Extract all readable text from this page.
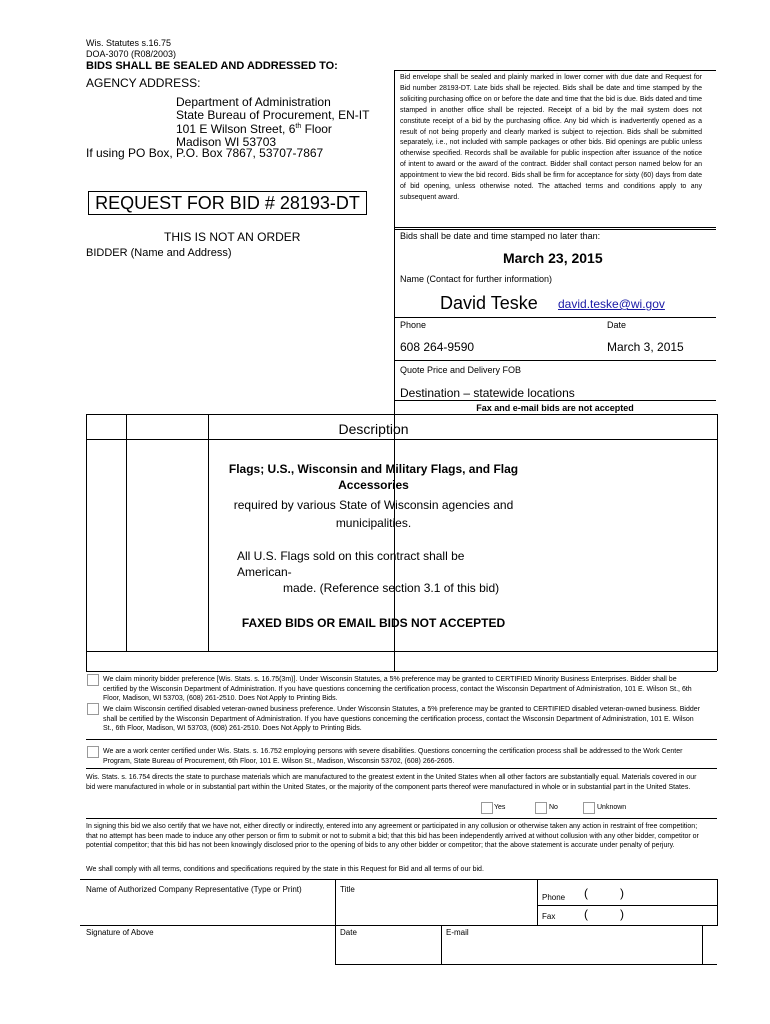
Wis. Statutes s.16.75
DOA-3070 (R08/2003)
BIDS SHALL BE SEALED AND ADDRESSED TO:
AGENCY ADDRESS:
Department of Administration
State Bureau of Procurement, EN-IT
101 E Wilson Street, 6th Floor
Madison WI 53703
If using PO Box, P.O. Box 7867, 53707-7867
Bid envelope shall be sealed and plainly marked in lower corner with due date and Request for Bid number 28193-DT. Late bids shall be rejected. Bids shall be date and time stamped by the soliciting purchasing office on or before the date and time that the bid is due. Bids dated and time stamped in another office shall be rejected. Receipt of a bid by the mail system does not constitute receipt of a bid by the purchasing office. Any bid which is inadvertently opened as a result of not being properly and clearly marked is subject to rejection. Bids shall be submitted separately, i.e., not included with sample packages or other bids. Bid openings are public unless otherwise specified. Records shall be available for public inspection after issuance of the notice of intent to award or the award of the contract. Bidder shall contact person named below for an appointment to view the bid record. Bids shall be firm for acceptance for sixty (60) days from date of bid opening, unless otherwise noted. The attached terms and conditions apply to any subsequent award.
REQUEST FOR BID # 28193-DT
THIS IS NOT AN ORDER
BIDDER (Name and Address)
Bids shall be date and time stamped no later than:
March 23, 2015
Name (Contact for further information)
David Teske david.teske@wi.gov
Phone	Date
608 264-9590	March 3, 2015
Quote Price and Delivery FOB
Destination – statewide locations
Fax and e-mail bids are not accepted
Description
Flags; U.S., Wisconsin and Military Flags, and Flag
Accessories
required by various State of Wisconsin agencies and
municipalities.
All U.S. Flags sold on this contract shall be
American-
made. (Reference section 3.1 of this bid)
FAXED BIDS OR EMAIL BIDS NOT ACCEPTED
We claim minority bidder preference [Wis. Stats. s. 16.75(3m)]. Under Wisconsin Statutes, a 5% preference may be granted to CERTIFIED Minority Business Enterprises. Bidder shall be certified by the Wisconsin Department of Administration. If you have questions concerning the certification process, contact the Wisconsin Department of Administration, 101 E. Wilson St., 6th Floor, Madison, WI 53703, (608) 261-2510. Does Not Apply to Printing Bids.
We claim Wisconsin certified disabled veteran-owned business preference. Under Wisconsin Statutes, a 5% preference may be granted to CERTIFIED disabled veteran-owned business. Bidder shall be certified by the Wisconsin Department of Administration. If you have questions concerning the certification process, contact the Wisconsin Department of Administration, 101 E. Wilson St., 6th Floor, Madison, WI 53703, (608) 261-2510. Does Not Apply to Printing Bids.
We are a work center certified under Wis. Stats. s. 16.752 employing persons with severe disabilities. Questions concerning the certification process shall be addressed to the Work Center Program, State Bureau of Procurement, 6th Floor, 101 E. Wilson St., Madison, Wisconsin 53702, (608) 266-2605.
Wis. Stats. s. 16.754 directs the state to purchase materials which are manufactured to the greatest extent in the United States when all other factors are substantially equal. Materials covered in our bid were manufactured in whole or in substantial part within the United States, or the majority of the component parts thereof were manufactured in whole or in substantial part in the United States.
Yes	No	Unknown
In signing this bid we also certify that we have not, either directly or indirectly, entered into any agreement or participated in any collusion or otherwise taken any action in restraint of free competition; that no attempt has been made to induce any other person or firm to submit or not to submit a bid; that this bid has been independently arrived at without collusion with any other bidder, competitor or potential competitor; that this bid has not been knowingly disclosed prior to the opening of bids to any other bidder or competitor; that the above statement is accurate under penalty of perjury.
We shall comply with all terms, conditions and specifications required by the state in this Request for Bid and all terms of our bid.
Name of Authorized Company Representative (Type or Print)	Title
Phone (	)
Fax (	)
Signature of Above	Date	E-mail
